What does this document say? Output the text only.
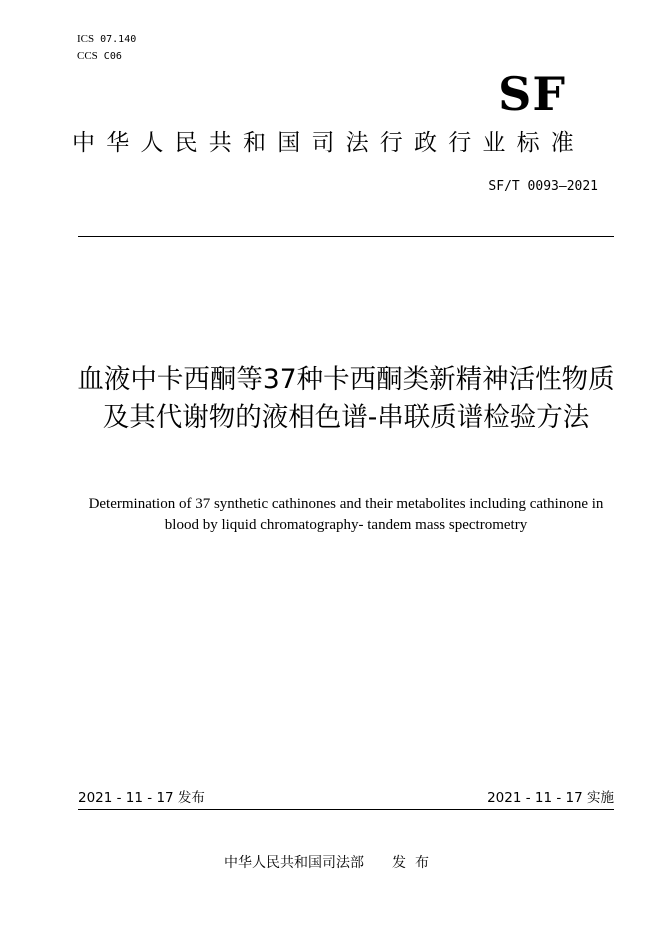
ICS 07.140
CCS C06
SF
中华人民共和国司法行政行业标准
SF/T 0093—2021
血液中卡西酮等37种卡西酮类新精神活性物质及其代谢物的液相色谱-串联质谱检验方法
Determination of 37 synthetic cathinones and their metabolites including cathinone in blood by liquid chromatography- tandem mass spectrometry
2021 - 11 - 17 发布	2021 - 11 - 17 实施
中华人民共和国司法部 发布
